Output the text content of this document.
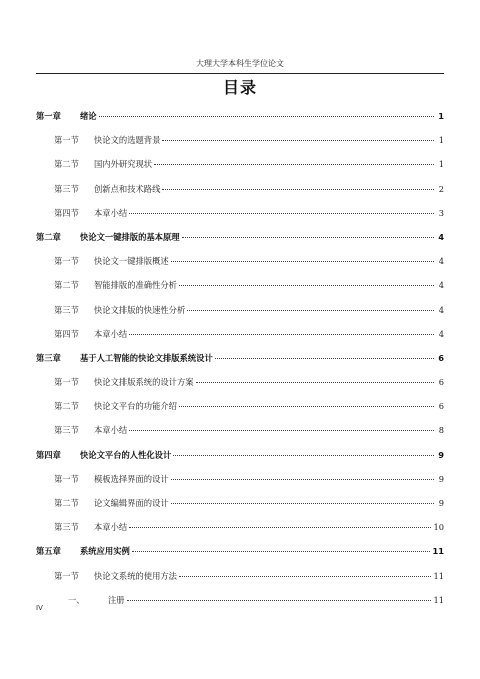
大理大学本科生学位论文
目录
第一章	绪论	1
第一节	快论文的选题背景	1
第二节	国内外研究现状	1
第三节	创新点和技术路线	2
第四节	本章小结	3
第二章	快论文一键排版的基本原理	4
第一节	快论文一键排版概述	4
第二节	智能排版的准确性分析	4
第三节	快论文排版的快速性分析	4
第四节	本章小结	4
第三章	基于人工智能的快论文排版系统设计	6
第一节	快论文排版系统的设计方案	6
第二节	快论文平台的功能介绍	6
第三节	本章小结	8
第四章	快论文平台的人性化设计	9
第一节	模板选择界面的设计	9
第二节	论文编辑界面的设计	9
第三节	本章小结	10
第五章	系统应用实例	11
第一节	快论文系统的使用方法	11
一、	注册	11
IV
